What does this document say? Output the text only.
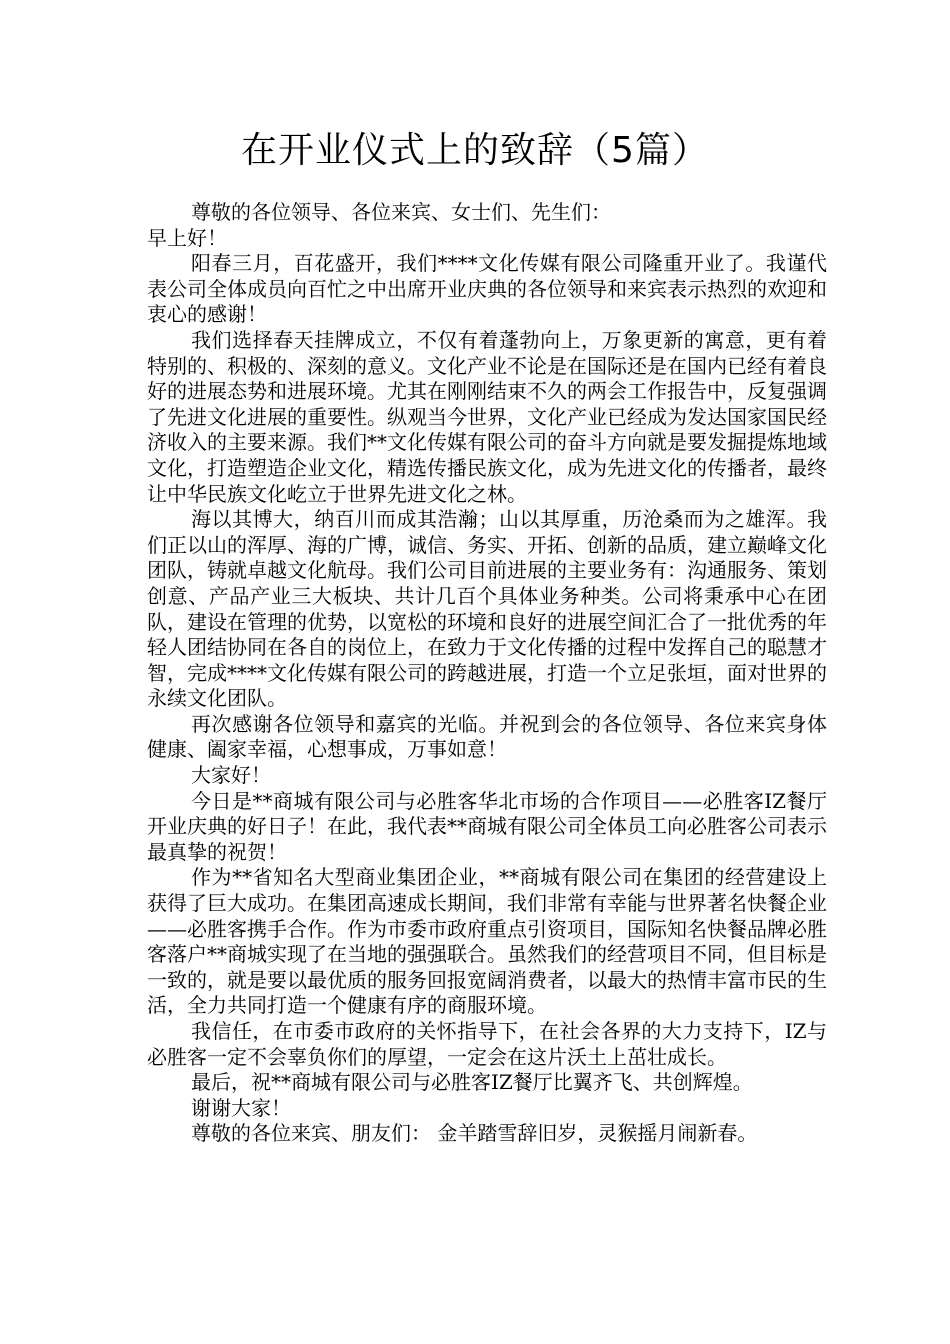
在开业仪式上的致辞（5篇）

尊敬的各位领导、各位来宾、女士们、先生们：

早上好！

阳春三月，百花盛开，我们****文化传媒有限公司隆重开业了。我谨代表公司全体成员向百忙之中出席开业庆典的各位领导和来宾表示热烈的欢迎和衷心的感谢！

我们选择春天挂牌成立，不仅有着蓬勃向上，万象更新的寓意，更有着特别的、积极的、深刻的意义。文化产业不论是在国际还是在国内已经有着良好的进展态势和进展环境。尤其在刚刚结束不久的两会工作报告中，反复强调了先进文化进展的重要性。纵观当今世界，文化产业已经成为发达国家国民经济收入的主要来源。我们**文化传媒有限公司的奋斗方向就是要发掘提炼地域文化，打造塑造企业文化，精选传播民族文化，成为先进文化的传播者，最终让中华民族文化屹立于世界先进文化之林。

海以其博大，纳百川而成其浩瀚；山以其厚重，历沧桑而为之雄浑。我们正以山的浑厚、海的广博，诚信、务实、开拓、创新的品质，建立巅峰文化团队，铸就卓越文化航母。我们公司目前进展的主要业务有：沟通服务、策划创意、产品产业三大板块、共计几百个具体业务种类。公司将秉承中心在团队，建设在管理的优势，以宽松的环境和良好的进展空间汇合了一批优秀的年轻人团结协同在各自的岗位上，在致力于文化传播的过程中发挥自己的聪慧才智，完成****文化传媒有限公司的跨越进展，打造一个立足张垣，面对世界的永续文化团队。

再次感谢各位领导和嘉宾的光临。并祝到会的各位领导、各位来宾身体健康、阖家幸福，心想事成，万事如意！

大家好！

今日是**商城有限公司与必胜客华北市场的合作项目——必胜客IZ餐厅开业庆典的好日子！在此，我代表**商城有限公司全体员工向必胜客公司表示最真挚的祝贺！

作为**省知名大型商业集团企业，**商城有限公司在集团的经营建设上获得了巨大成功。在集团高速成长期间，我们非常有幸能与世界著名快餐企业——必胜客携手合作。作为市委市政府重点引资项目，国际知名快餐品牌必胜客落户**商城实现了在当地的强强联合。虽然我们的经营项目不同，但目标是一致的，就是要以最优质的服务回报宽阔消费者，以最大的热情丰富市民的生活，全力共同打造一个健康有序的商服环境。

我信任，在市委市政府的关怀指导下，在社会各界的大力支持下，IZ与必胜客一定不会辜负你们的厚望，一定会在这片沃土上茁壮成长。

最后，祝**商城有限公司与必胜客IZ餐厅比翼齐飞、共创辉煌。

谢谢大家！

尊敬的各位来宾、朋友们： 金羊踏雪辞旧岁，灵猴摇月闹新春。
